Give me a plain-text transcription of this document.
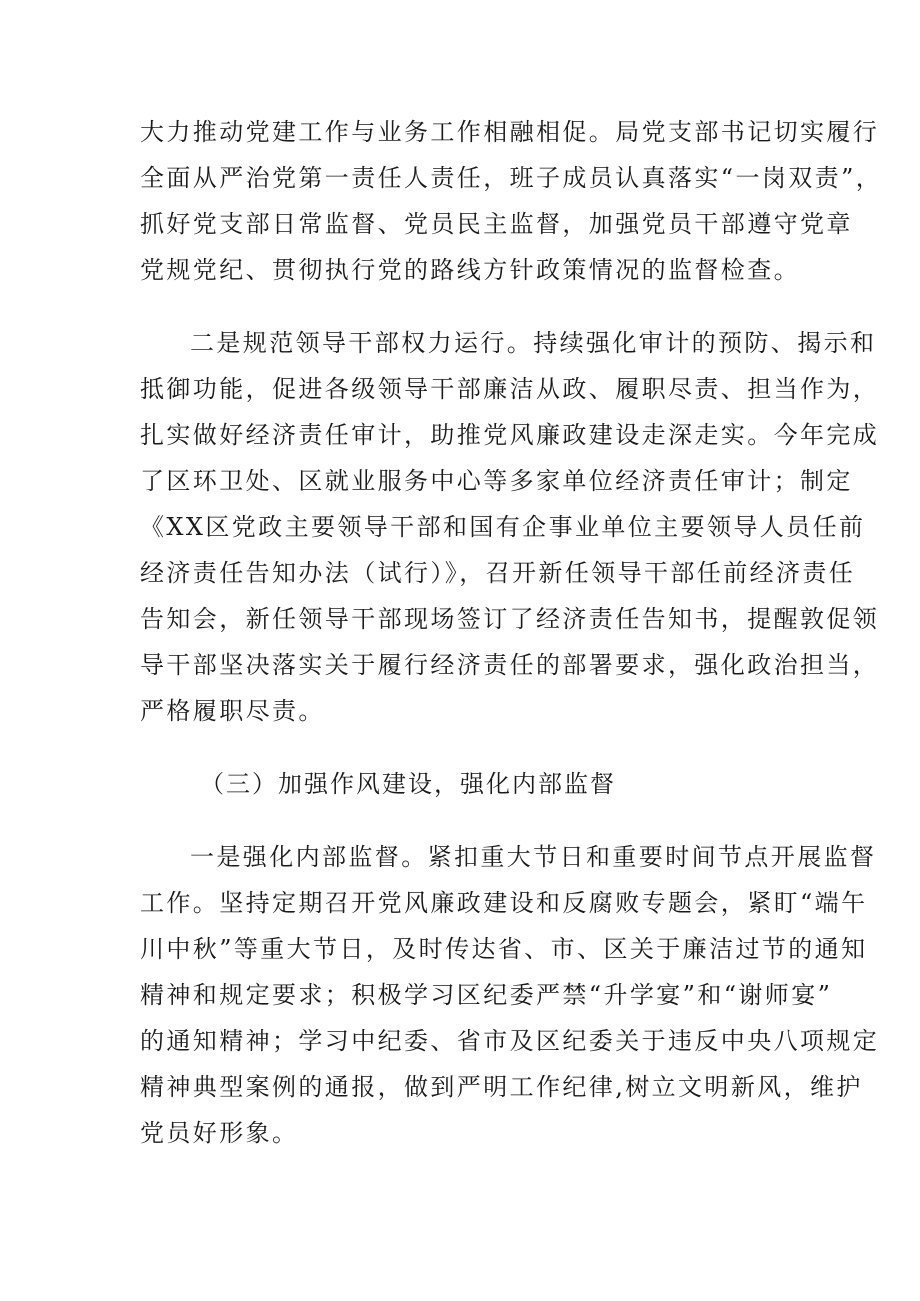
大力推动党建工作与业务工作相融相促。局党支部书记切实履行
全面从严治党第一责任人责任，班子成员认真落实“一岗双责”，
抓好党支部日常监督、党员民主监督，加强党员干部遵守党章
党规党纪、贯彻执行党的路线方针政策情况的监督检查。
二是规范领导干部权力运行。持续强化审计的预防、揭示和
抵御功能，促进各级领导干部廉洁从政、履职尽责、担当作为，
扎实做好经济责任审计，助推党风廉政建设走深走实。今年完成
了区环卫处、区就业服务中心等多家单位经济责任审计；制定
《XX区党政主要领导干部和国有企事业单位主要领导人员任前
经济责任告知办法（试行）》，召开新任领导干部任前经济责任
告知会，新任领导干部现场签订了经济责任告知书，提醒敦促领
导干部坚决落实关于履行经济责任的部署要求，强化政治担当，
严格履职尽责。
（三）加强作风建设，强化内部监督
一是强化内部监督。紧扣重大节日和重要时间节点开展监督
工作。坚持定期召开党风廉政建设和反腐败专题会，紧盯“端午
川中秋”等重大节日，及时传达省、市、区关于廉洁过节的通知
精神和规定要求；积极学习区纪委严禁“升学宴”和“谢师宴”
的通知精神；学习中纪委、省市及区纪委关于违反中央八项规定
精神典型案例的通报，做到严明工作纪律,树立文明新风，维护
党员好形象。
